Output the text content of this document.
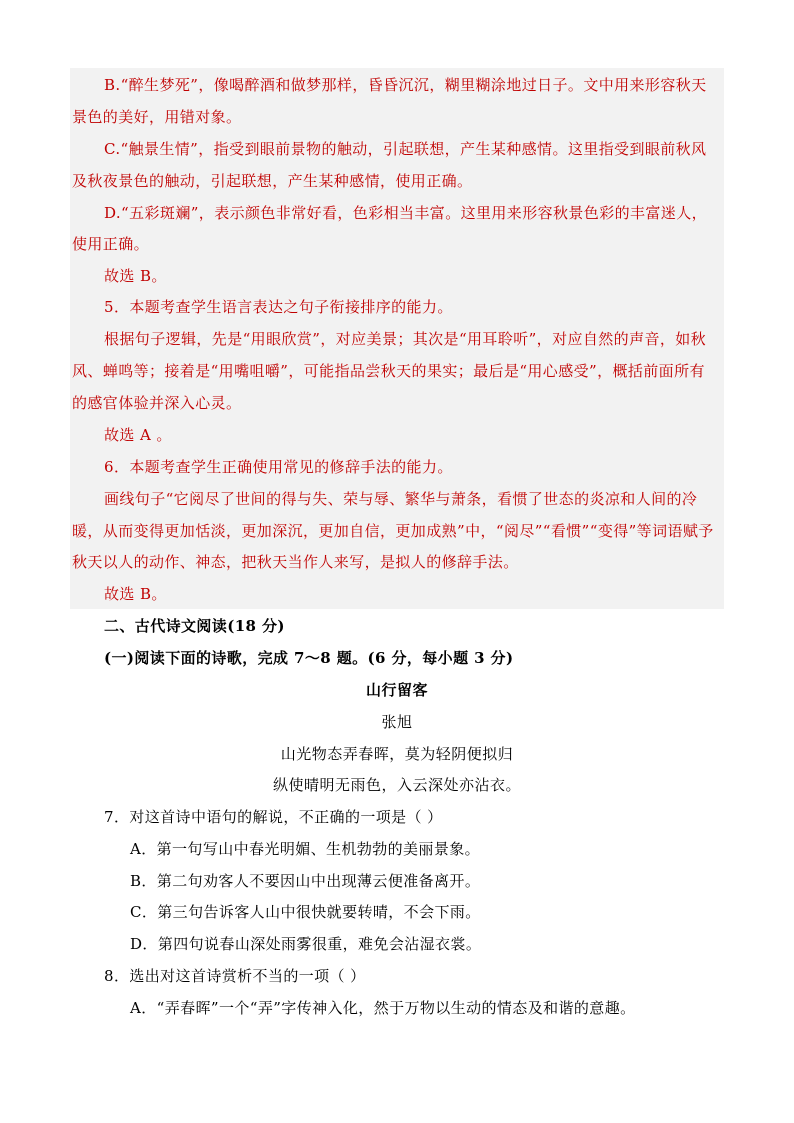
B.“醉生梦死”，像喝醉酒和做梦那样，昏昏沉沉，糊里糊涂地过日子。文中用来形容秋天
景色的美好，用错对象。
C.“触景生情”，指受到眼前景物的触动，引起联想，产生某种感情。这里指受到眼前秋风
及秋夜景色的触动，引起联想，产生某种感情，使用正确。
D.“五彩斑斓”，表示颜色非常好看，色彩相当丰富。这里用来形容秋景色彩的丰富迷人，
使用正确。
故选 B。
5．本题考查学生语言表达之句子衔接排序的能力。
根据句子逻辑，先是“用眼欣赏”，对应美景；其次是“用耳聆听”，对应自然的声音，如秋
风、蝉鸣等；接着是“用嘴咀嚼”，可能指品尝秋天的果实；最后是“用心感受”，概括前面所有
的感官体验并深入心灵。
故选 A 。
6．本题考查学生正确使用常见的修辞手法的能力。
画线句子“它阅尽了世间的得与失、荣与辱、繁华与萧条，看惯了世态的炎凉和人间的冷
暖，从而变得更加恬淡，更加深沉，更加自信，更加成熟”中，“阅尽”“看惯”“变得”等词语赋予
秋天以人的动作、神态，把秋天当作人来写，是拟人的修辞手法。
故选 B。
二、古代诗文阅读(18 分)
(一)阅读下面的诗歌，完成 7～8 题。(6 分，每小题 3 分)
山行留客
张旭
山光物态弄春晖，莫为轻阴便拟归
纵使晴明无雨色，入云深处亦沾衣。
7．对这首诗中语句的解说，不正确的一项是（ ）
A．第一句写山中春光明媚、生机勃勃的美丽景象。
B．第二句劝客人不要因山中出现薄云便准备离开。
C．第三句告诉客人山中很快就要转晴，不会下雨。
D．第四句说春山深处雨雾很重，难免会沾湿衣裳。
8．选出对这首诗赏析不当的一项（ ）
A．“弄春晖”一个“弄”字传神入化，然于万物以生动的情态及和谐的意趣。
